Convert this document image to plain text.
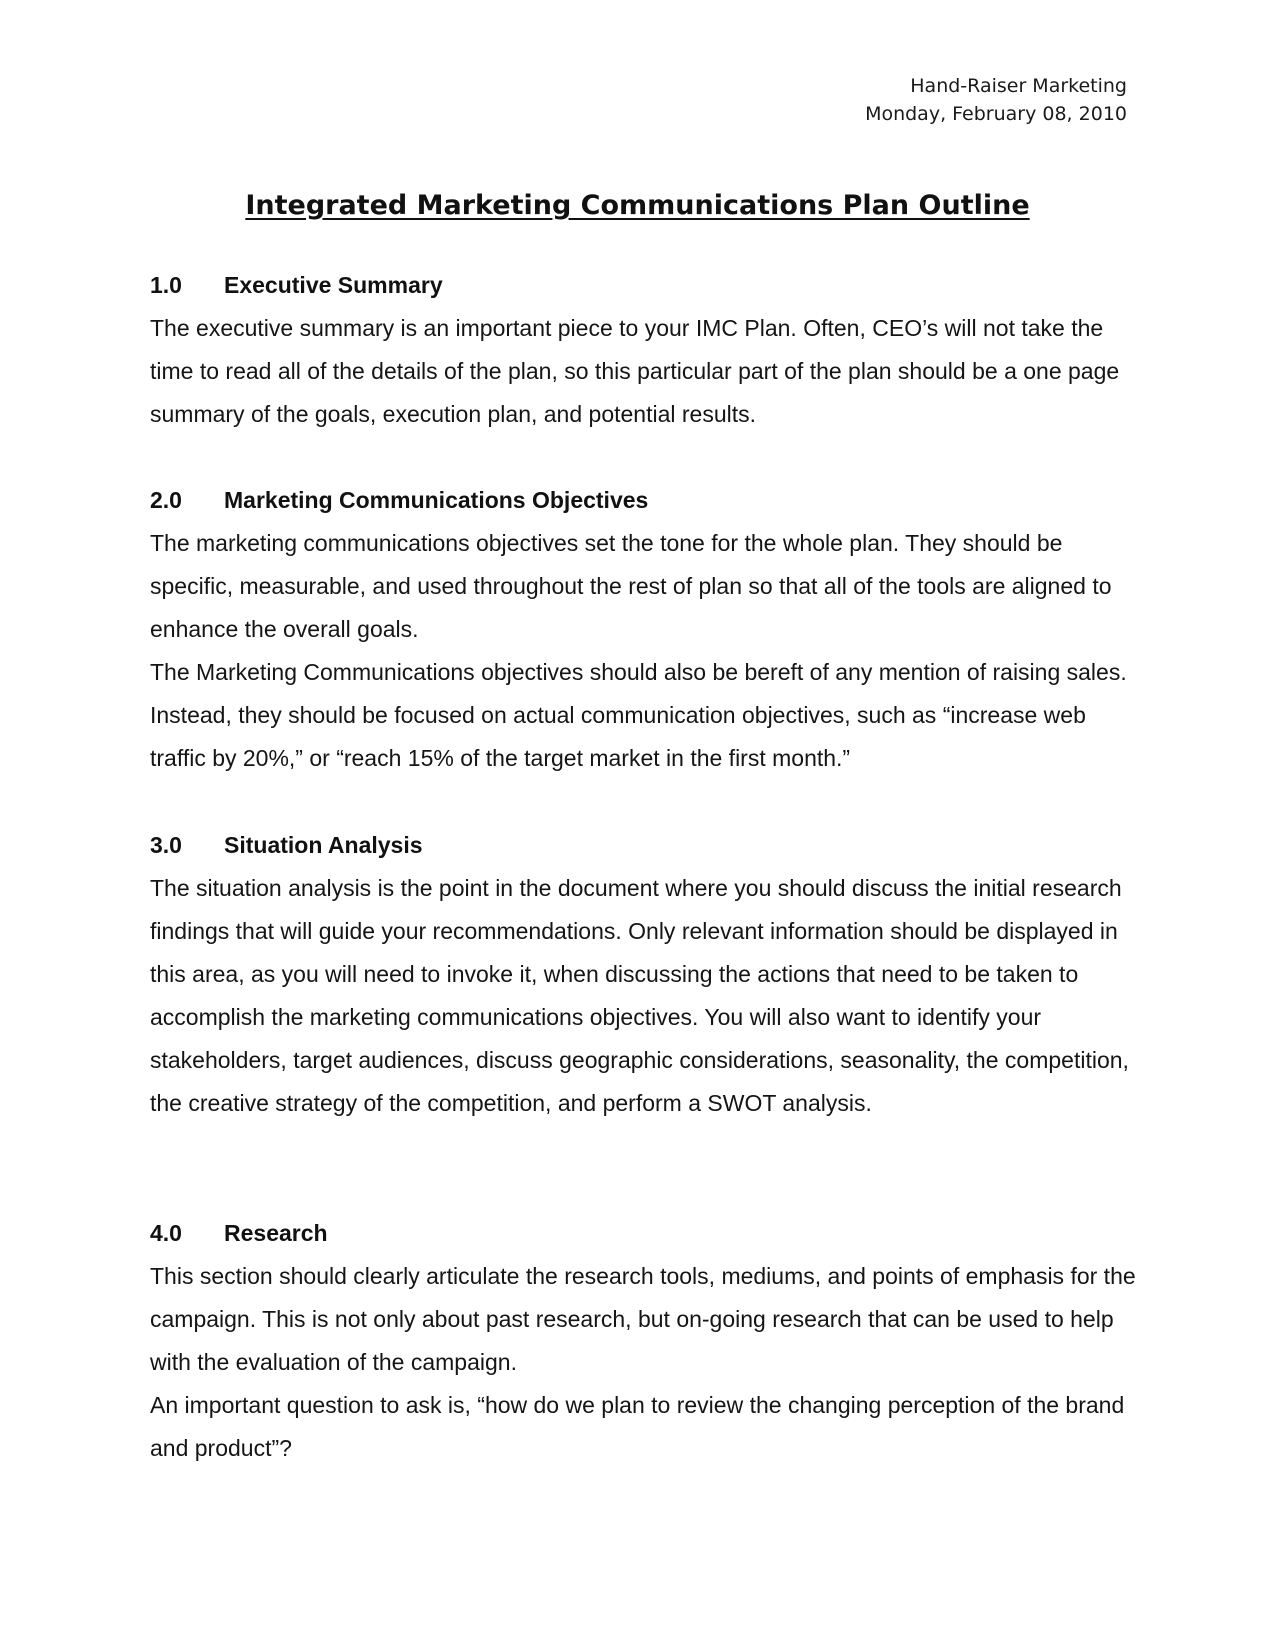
Hand-Raiser Marketing
Monday, February 08, 2010
Integrated Marketing Communications Plan Outline
1.0 Executive Summary

The executive summary is an important piece to your IMC Plan. Often, CEO’s will not take the time to read all of the details of the plan, so this particular part of the plan should be a one page summary of the goals, execution plan, and potential results.

2.0 Marketing Communications Objectives

The marketing communications objectives set the tone for the whole plan. They should be specific, measurable, and used throughout the rest of plan so that all of the tools are aligned to enhance the overall goals.

The Marketing Communications objectives should also be bereft of any mention of raising sales. Instead, they should be focused on actual communication objectives, such as “increase web traffic by 20%,” or “reach 15% of the target market in the first month.”

3.0 Situation Analysis

The situation analysis is the point in the document where you should discuss the initial research findings that will guide your recommendations. Only relevant information should be displayed in this area, as you will need to invoke it, when discussing the actions that need to be taken to accomplish the marketing communications objectives. You will also want to identify your stakeholders, target audiences, discuss geographic considerations, seasonality, the competition, the creative strategy of the competition, and perform a SWOT analysis.

4.0 Research

This section should clearly articulate the research tools, mediums, and points of emphasis for the campaign. This is not only about past research, but on-going research that can be used to help with the evaluation of the campaign.

An important question to ask is, “how do we plan to review the changing perception of the brand and product”?
